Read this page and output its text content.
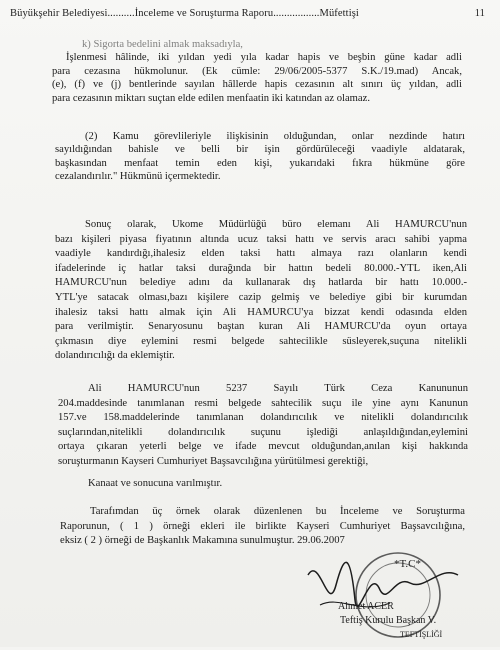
Büyükşehir Belediyesi..........İnceleme ve Soruşturma Raporu.................Müfettişi	11
k) Sigorta bedelini almak maksadıyla,
İşlenmesi hâlinde, iki yıldan yedi yıla kadar hapis ve beşbin güne kadar adli
para cezasına hükmolunur. (Ek cümle: 29/06/2005-5377 S.K./19.mad) Ancak,
(e), (f) ve (j) bentlerinde sayılan hâllerde hapis cezasının alt sınırı üç yıldan, adli
para cezasının miktarı suçtan elde edilen menfaatin iki katından az olamaz.
(2) Kamu görevlileriyle ilişkisinin olduğundan, onlar nezdinde hatırı
sayıldığından bahisle ve belli bir işin gördürüleceği vaadiyle aldatarak,
başkasından menfaat temin eden kişi, yukarıdaki fıkra hükmüne göre
cezalandırılır." Hükmünü içermektedir.
Sonuç olarak, Ukome Müdürlüğü büro elemanı Ali HAMURCU'nun
bazı kişileri piyasa fiyatının altında ucuz taksi hattı ve servis aracı sahibi yapma
vaadiyle kandırdığı,ihalesiz elden taksi hattı almaya razı olanların kendi
ifadelerinde iç hatlar taksi durağında bir hattın bedeli 80.000.-YTL iken,Ali
HAMURCU'nun belediye adını da kullanarak dış hatlarda bir hattı 10.000.-
YTL'ye satacak olması,bazı kişilere cazip gelmiş ve belediye gibi bir kurumdan
ihalesiz taksi hattı almak için Ali HAMURCU'ya bizzat kendi odasında elden
para verilmiştir. Senaryosunu baştan kuran Ali HAMURCU'da oyun ortaya
çıkmasın diye eylemini resmi belgede sahtecilikle süsleyerek,suçuna nitelikli
dolandırıcılığı da eklemiştir.
Ali HAMURCU'nun 5237 Sayılı Türk Ceza Kanununun
204.maddesinde tanımlanan resmi belgede sahtecilik suçu ile yine aynı Kanunun
157.ve 158.maddelerinde tanımlanan dolandırıcılık ve nitelikli dolandırıcılık
suçlarından,nitelikli dolandırıcılık suçunu işlediği anlaşıldığından,eylemini
ortaya çıkaran yeterli belge ve ifade mevcut olduğundan,anılan kişi hakkında
soruşturmanın Kayseri Cumhuriyet Başsavcılığına yürütülmesi gerektiği,
Kanaat ve sonucuna varılmıştır.
Tarafımdan üç örnek olarak düzenlenen bu İnceleme ve Soruşturma
Raporunun, ( 1 ) örneği ekleri ile birlikte Kayseri Cumhuriyet Başsavcılığına,
eksiz ( 2 ) örneği de Başkanlık Makamına sunulmuştur. 29.06.2007
*T.C*
TEFTİŞLİĞİ
Ahmet ACER
Teftiş Kurulu Başkan V.
